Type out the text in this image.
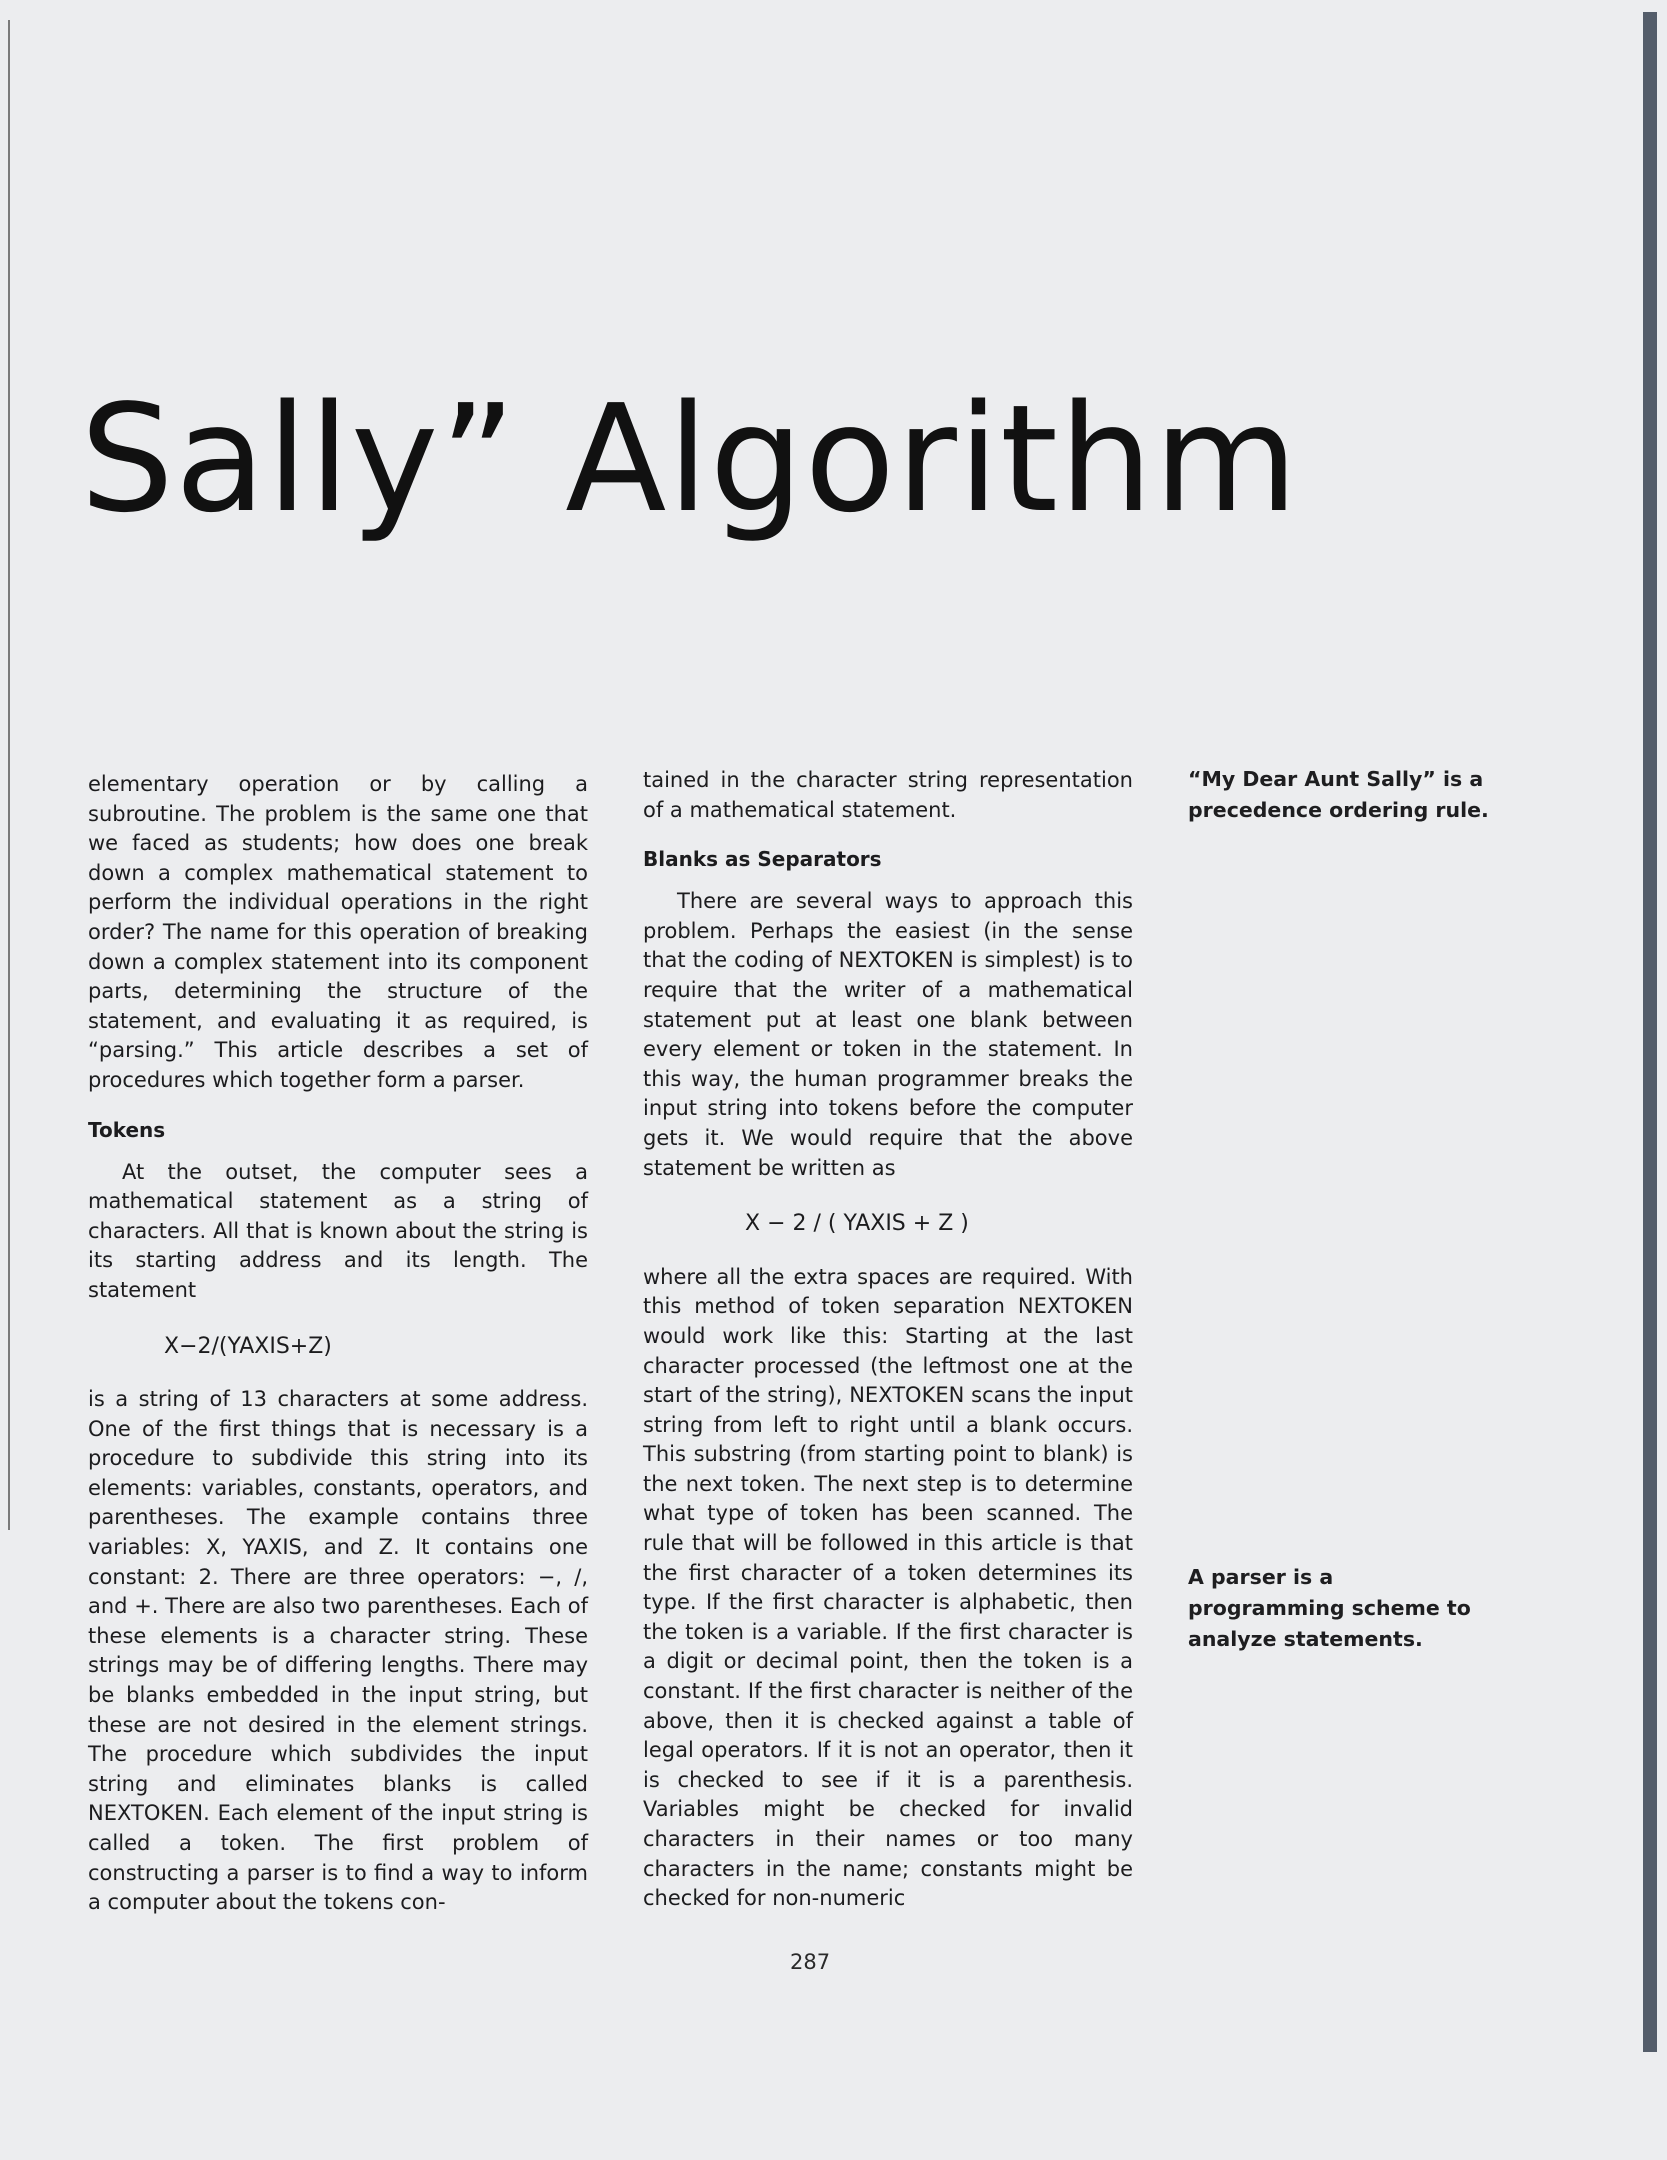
Sally” Algorithm

elementary operation or by calling a subroutine. The problem is the same one that we faced as students; how does one break down a complex mathematical statement to perform the individual operations in the right order? The name for this operation of breaking down a complex statement into its component parts, determining the structure of the statement, and evaluating it as required, is “parsing.” This article describes a set of procedures which together form a parser.

Tokens

At the outset, the computer sees a mathematical statement as a string of characters. All that is known about the string is its starting address and its length. The statement

X−2/(YAXIS+Z)

is a string of 13 characters at some address. One of the first things that is necessary is a procedure to subdivide this string into its elements: variables, constants, operators, and parentheses. The example contains three variables: X, YAXIS, and Z. It contains one constant: 2. There are three operators: −, /, and +. There are also two parentheses. Each of these elements is a character string. These strings may be of differing lengths. There may be blanks embedded in the input string, but these are not desired in the element strings. The procedure which subdivides the input string and eliminates blanks is called NEXTOKEN. Each element of the input string is called a token. The first problem of constructing a parser is to find a way to inform a computer about the tokens con-

tained in the character string representation of a mathematical statement.

Blanks as Separators

There are several ways to approach this problem. Perhaps the easiest (in the sense that the coding of NEXTOKEN is simplest) is to require that the writer of a mathematical statement put at least one blank between every element or token in the statement. In this way, the human programmer breaks the input string into tokens before the computer gets it. We would require that the above statement be written as

X − 2 / ( YAXIS + Z )

where all the extra spaces are required. With this method of token separation NEXTOKEN would work like this: Starting at the last character processed (the leftmost one at the start of the string), NEXTOKEN scans the input string from left to right until a blank occurs. This substring (from starting point to blank) is the next token. The next step is to determine what type of token has been scanned. The rule that will be followed in this article is that the first character of a token determines its type. If the first character is alphabetic, then the token is a variable. If the first character is a digit or decimal point, then the token is a constant. If the first character is neither of the above, then it is checked against a table of legal operators. If it is not an operator, then it is checked to see if it is a parenthesis. Variables might be checked for invalid characters in their names or too many characters in the name; constants might be checked for non-numeric

“My Dear Aunt Sally” is a precedence ordering rule.
A parser is a programming scheme to analyze statements.
287
